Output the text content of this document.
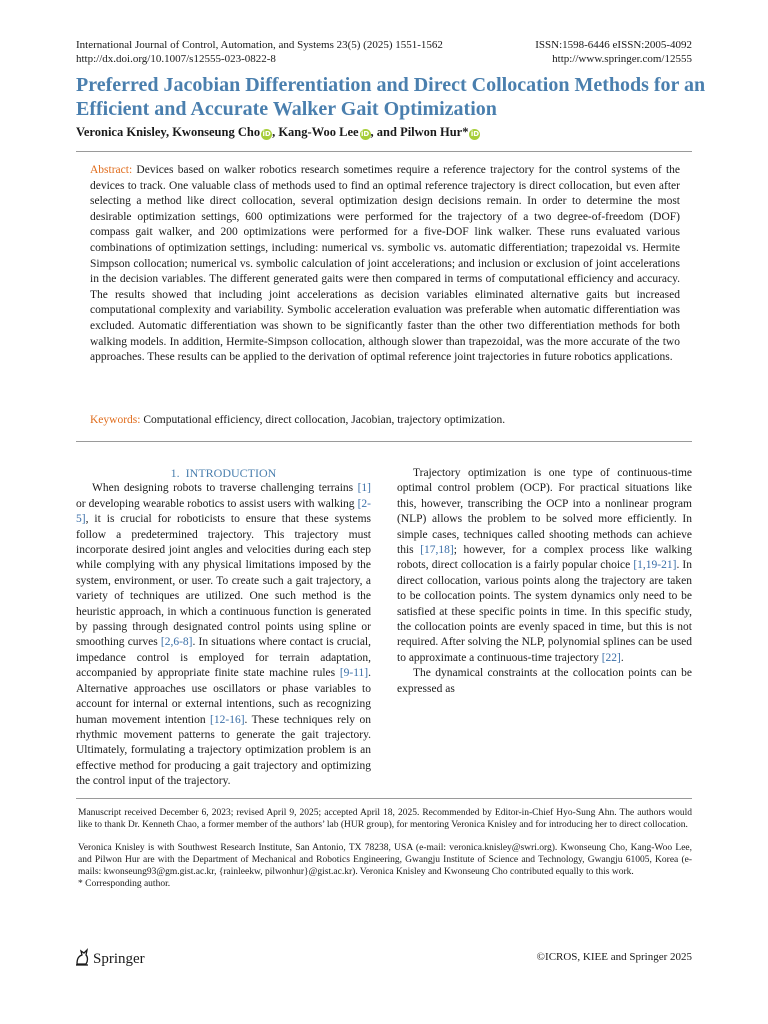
International Journal of Control, Automation, and Systems 23(5) (2025) 1551-1562
http://dx.doi.org/10.1007/s12555-023-0822-8
ISSN:1598-6446 eISSN:2005-4092
http://www.springer.com/12555
Preferred Jacobian Differentiation and Direct Collocation Methods for an Efficient and Accurate Walker Gait Optimization
Veronica Knisley, Kwonseung Cho iD, Kang-Woo Lee iD, and Pilwon Hur* iD
Abstract: Devices based on walker robotics research sometimes require a reference trajectory for the control systems of the devices to track. One valuable class of methods used to find an optimal reference trajectory is direct collocation, but even after selecting a method like direct collocation, several optimization design decisions remain. In order to determine the most desirable optimization settings, 600 optimizations were performed for the trajectory of a two degree-of-freedom (DOF) compass gait walker, and 200 optimizations were performed for a five-DOF link walker. These runs evaluated various combinations of optimization settings, including: numerical vs. symbolic vs. automatic differentiation; trapezoidal vs. Hermite Simpson collocation; numerical vs. symbolic calculation of joint accelerations; and inclusion or exclusion of joint accelerations in the decision variables. The different generated gaits were then compared in terms of computational efficiency and accuracy. The results showed that including joint accelerations as decision variables eliminated alternative gaits but increased computational complexity and variability. Symbolic acceleration evaluation was preferable when automatic differentiation was excluded. Automatic differentiation was shown to be significantly faster than the other two differentiation methods for both walking models. In addition, Hermite-Simpson collocation, although slower than trapezoidal, was the more accurate of the two approaches. These results can be applied to the derivation of optimal reference joint trajectories in future robotics applications.
Keywords: Computational efficiency, direct collocation, Jacobian, trajectory optimization.

1. INTRODUCTION

When designing robots to traverse challenging terrains [1] or developing wearable robotics to assist users with walking [2-5], it is crucial for roboticists to ensure that these systems follow a predetermined trajectory. This trajectory must incorporate desired joint angles and velocities during each step while complying with any physical limitations imposed by the system, environment, or user. To create such a gait trajectory, a variety of techniques are utilized. One such method is the heuristic approach, in which a continuous function is generated by passing through designated control points using spline or smoothing curves [2,6-8]. In situations where contact is crucial, impedance control is employed for terrain adaptation, accompanied by appropriate finite state machine rules [9-11]. Alternative approaches use oscillators or phase variables to account for internal or external intentions, such as recognizing human movement intention [12-16]. These techniques rely on rhythmic movement patterns to generate the gait trajectory. Ultimately, formulating a trajectory optimization problem is an effective method for producing a gait trajectory and optimizing the control input of the trajectory.

Trajectory optimization is one type of continuous-time optimal control problem (OCP). For practical situations like this, however, transcribing the OCP into a nonlinear program (NLP) allows the problem to be solved more efficiently. In simple cases, techniques called shooting methods can achieve this [17,18]; however, for a complex process like walking robots, direct collocation is a fairly popular choice [1,19-21]. In direct collocation, various points along the trajectory are taken to be collocation points. The system dynamics only need to be satisfied at these specific points in time. In this specific study, the collocation points are evenly spaced in time, but this is not required. After solving the NLP, polynomial splines can be used to approximate a continuous-time trajectory [22].

The dynamical constraints at the collocation points can be expressed as

Manuscript received December 6, 2023; revised April 9, 2025; accepted April 18, 2025. Recommended by Editor-in-Chief Hyo-Sung Ahn. The authors would like to thank Dr. Kenneth Chao, a former member of the authors’ lab (HUR group), for mentoring Veronica Knisley and for introducing her to direct collocation.

Veronica Knisley is with Southwest Research Institute, San Antonio, TX 78238, USA (e-mail: veronica.knisley@swri.org). Kwonseung Cho, Kang-Woo Lee, and Pilwon Hur are with the Department of Mechanical and Robotics Engineering, Gwangju Institute of Science and Technology, Gwangju 61005, Korea (e-mails: kwonseung93@gm.gist.ac.kr, {rainleekw, pilwonhur}@gist.ac.kr). Veronica Knisley and Kwonseung Cho contributed equally to this work.

* Corresponding author.

Springer	©ICROS, KIEE and Springer 2025
